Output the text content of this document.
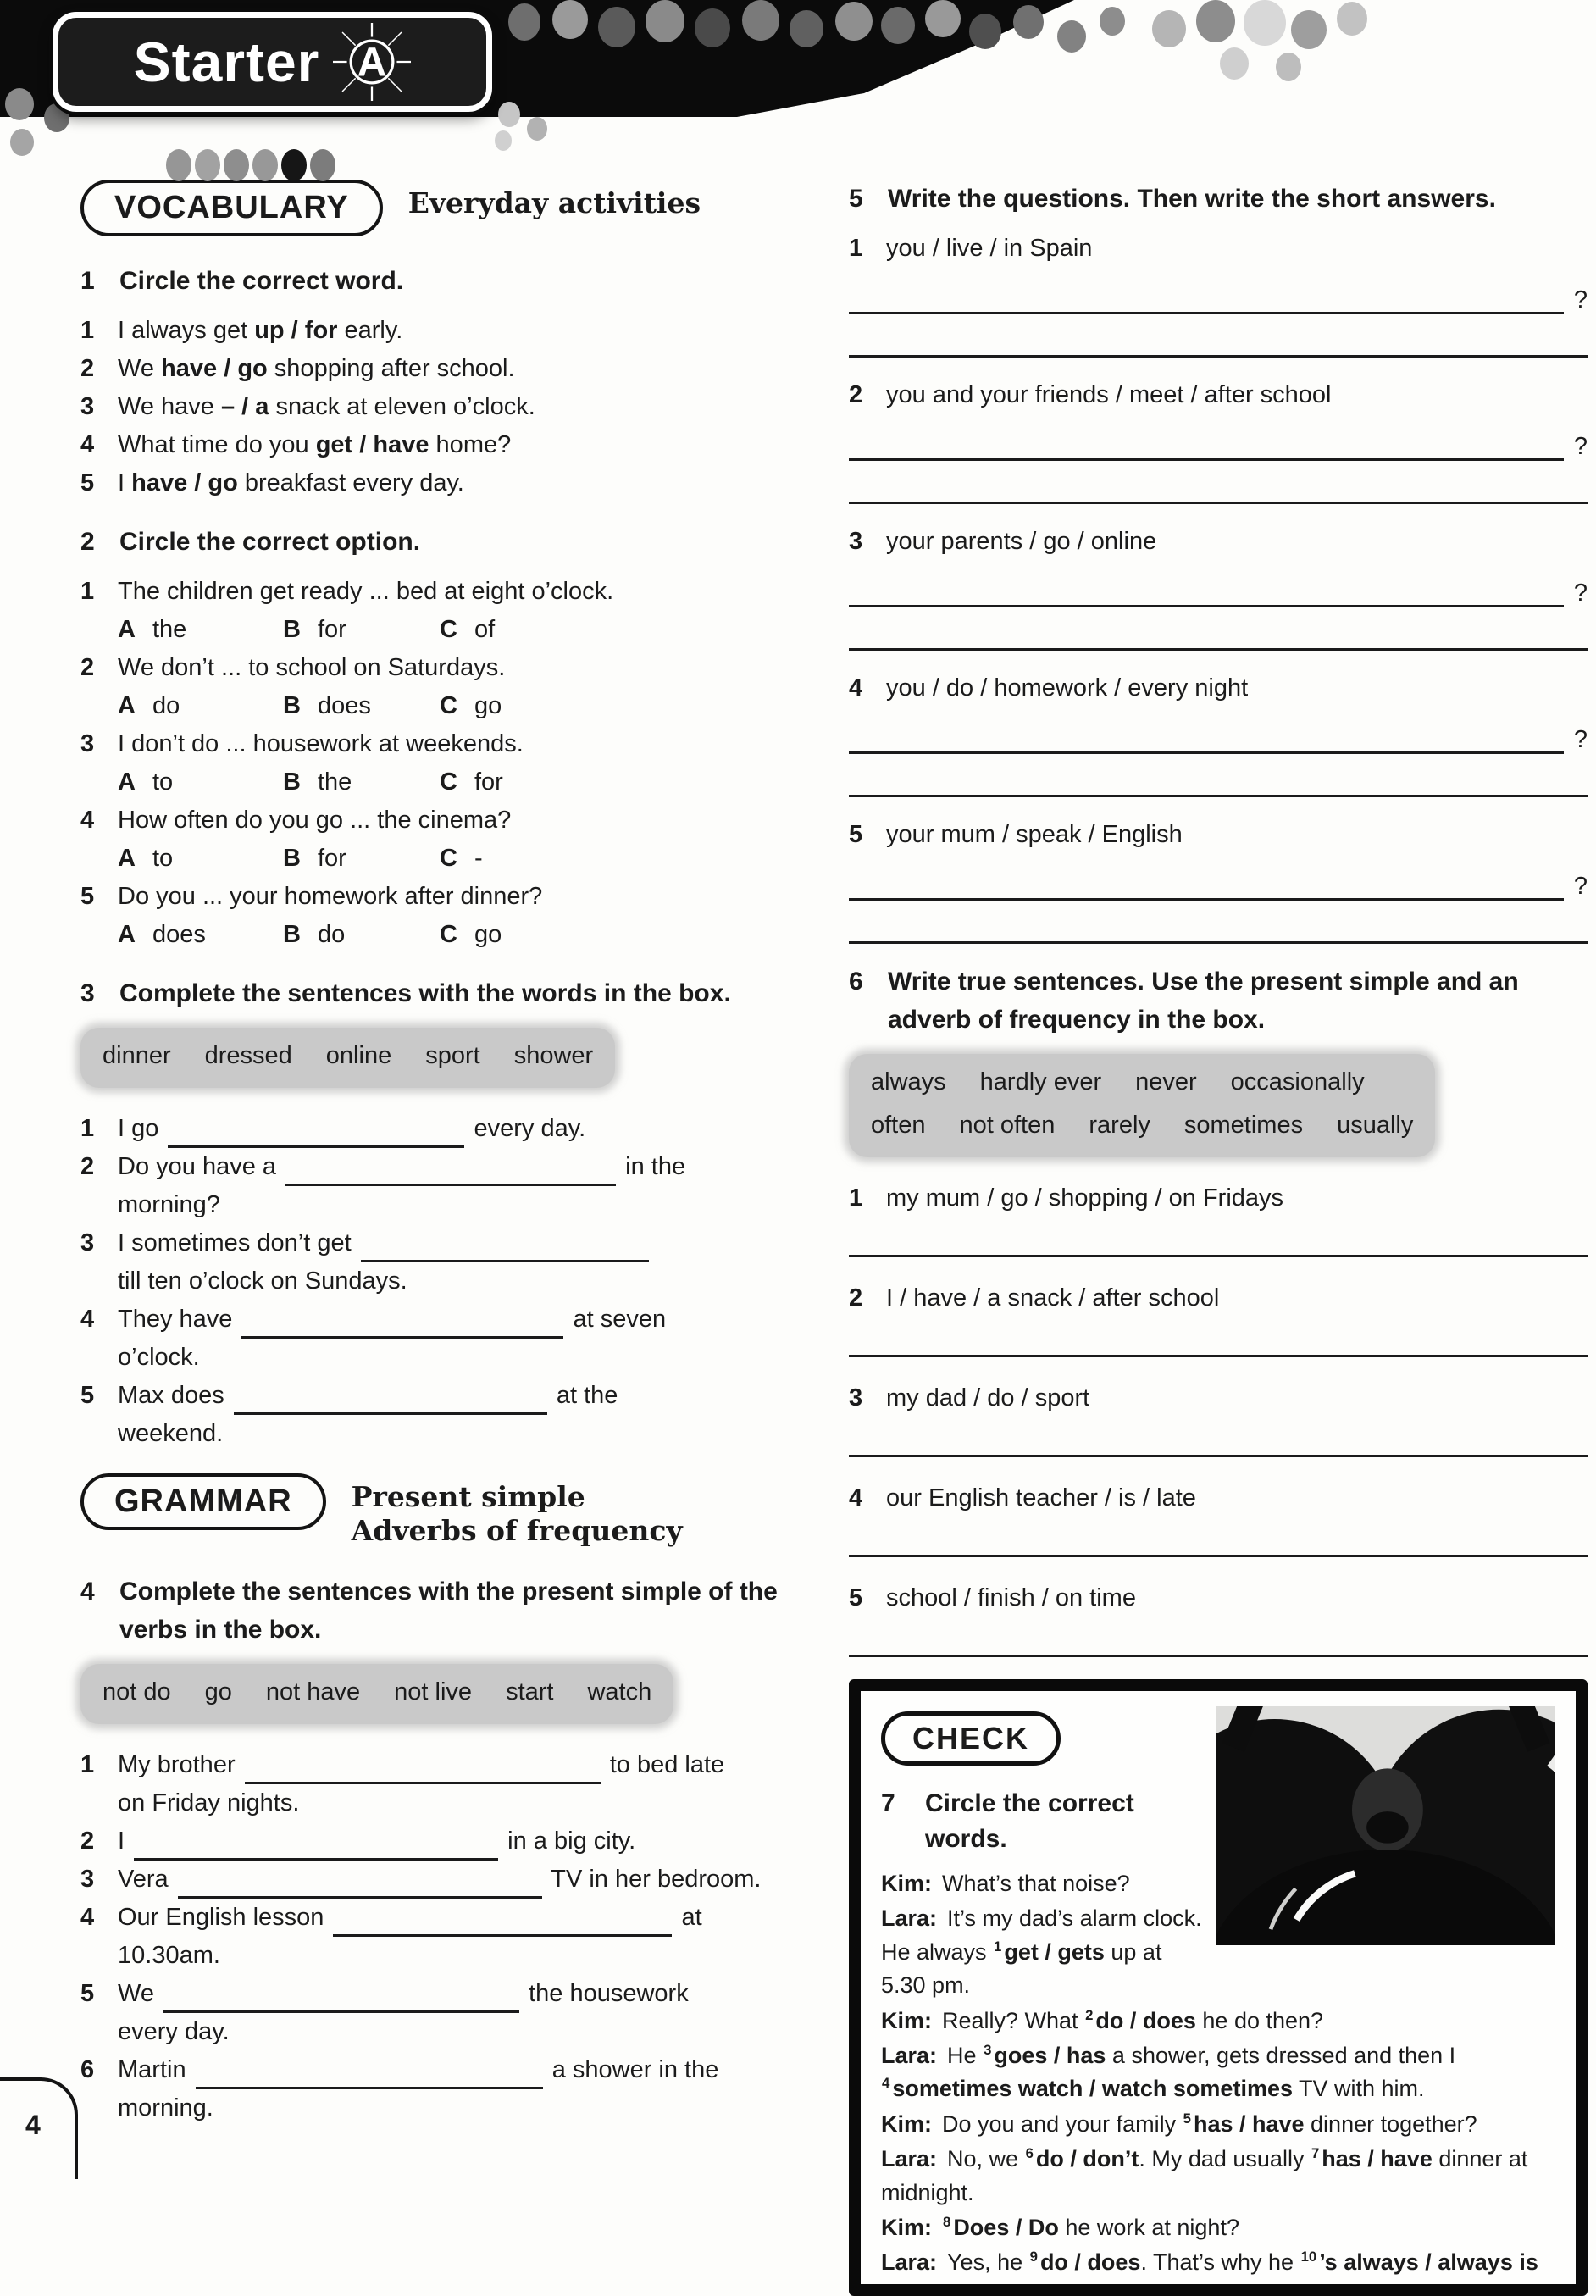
Starter A
VOCABULARY	Everyday activities
1 Circle the correct word.
1 I always get up / for early.
2 We have / go shopping after school.
3 We have – / a snack at eleven o’clock.
4 What time do you get / have home?
5 I have / go breakfast every day.
2 Circle the correct option.
1 The children get ready ... bed at eight o’clock.
A the	B for	C of
2 We don’t ... to school on Saturdays.
A do	B does	C go
3 I don’t do ... housework at weekends.
A to	B the	C for
4 How often do you go ... the cinema?
A to	B for	C -
5 Do you ... your homework after dinner?
A does	B do	C go
3 Complete the sentences with the words in the box.
dinner dressed online sport shower
1 I go	every day.
2 Do you have a	in the
morning?
3 I sometimes don’t get
till ten o’clock on Sundays.
4 They have	at seven
o’clock.
5 Max does	at the
weekend.
GRAMMAR	Present simple
Adverbs of frequency
4 Complete the sentences with the present simple of the verbs in the box.
not do go not have not live start watch
1 My brother	to bed late
on Friday nights.
2 I	in a big city.
3 Vera	TV in her bedroom.
4 Our English lesson	at
10.30am.
5 We	the housework
every day.
6 Martin	a shower in the
morning.
5 Write the questions. Then write the short answers.
1 you / live / in Spain
?
2 you and your friends / meet / after school
?
3 your parents / go / online
?
4 you / do / homework / every night
?
5 your mum / speak / English
?
6 Write true sentences. Use the present simple and an adverb of frequency in the box.
always hardly ever never occasionally
often not often rarely sometimes usually
1 my mum / go / shopping / on Fridays
2 I / have / a snack / after school
3 my dad / do / sport
4 our English teacher / is / late
5 school / finish / on time
CHECK
7	Circle the correct words.

Kim: What’s that noise?

Lara: It’s my dad’s alarm clock. He always $^1$ get / gets up at 5.30 pm.

Kim: Really? What $^2$ do / does he do then?

Lara: He $^3$ goes / has a shower, gets dressed and then I $^4$ sometimes watch / watch sometimes TV with him.

Kim: Do you and your family $^5$ has / have dinner together?

Lara: No, we $^6$ do / don’t. My dad usually $^7$ has / have dinner at midnight.

Kim: $^8$ Does / Do he work at night?

Lara: Yes, he $^9$ do / does. That’s why he $^{10}$ ’s always / always is in bed during the day!

4
